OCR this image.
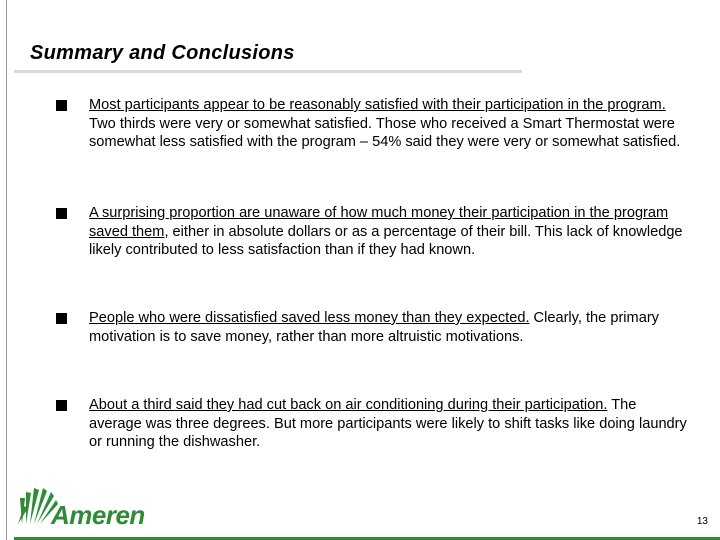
Summary and Conclusions

Most participants appear to be reasonably satisfied with their participation in the program. Two thirds were very or somewhat satisfied. Those who received a Smart Thermostat were somewhat less satisfied with the program – 54% said they were very or somewhat satisfied.

A surprising proportion are unaware of how much money their participation in the program saved them, either in absolute dollars or as a percentage of their bill. This lack of knowledge likely contributed to less satisfaction than if they had known.

People who were dissatisfied saved less money than they expected. Clearly, the primary motivation is to save money, rather than more altruistic motivations.

About a third said they had cut back on air conditioning during their participation. The average was three degrees. But more participants were likely to shift tasks like doing laundry or running the dishwasher.

Ameren	13
